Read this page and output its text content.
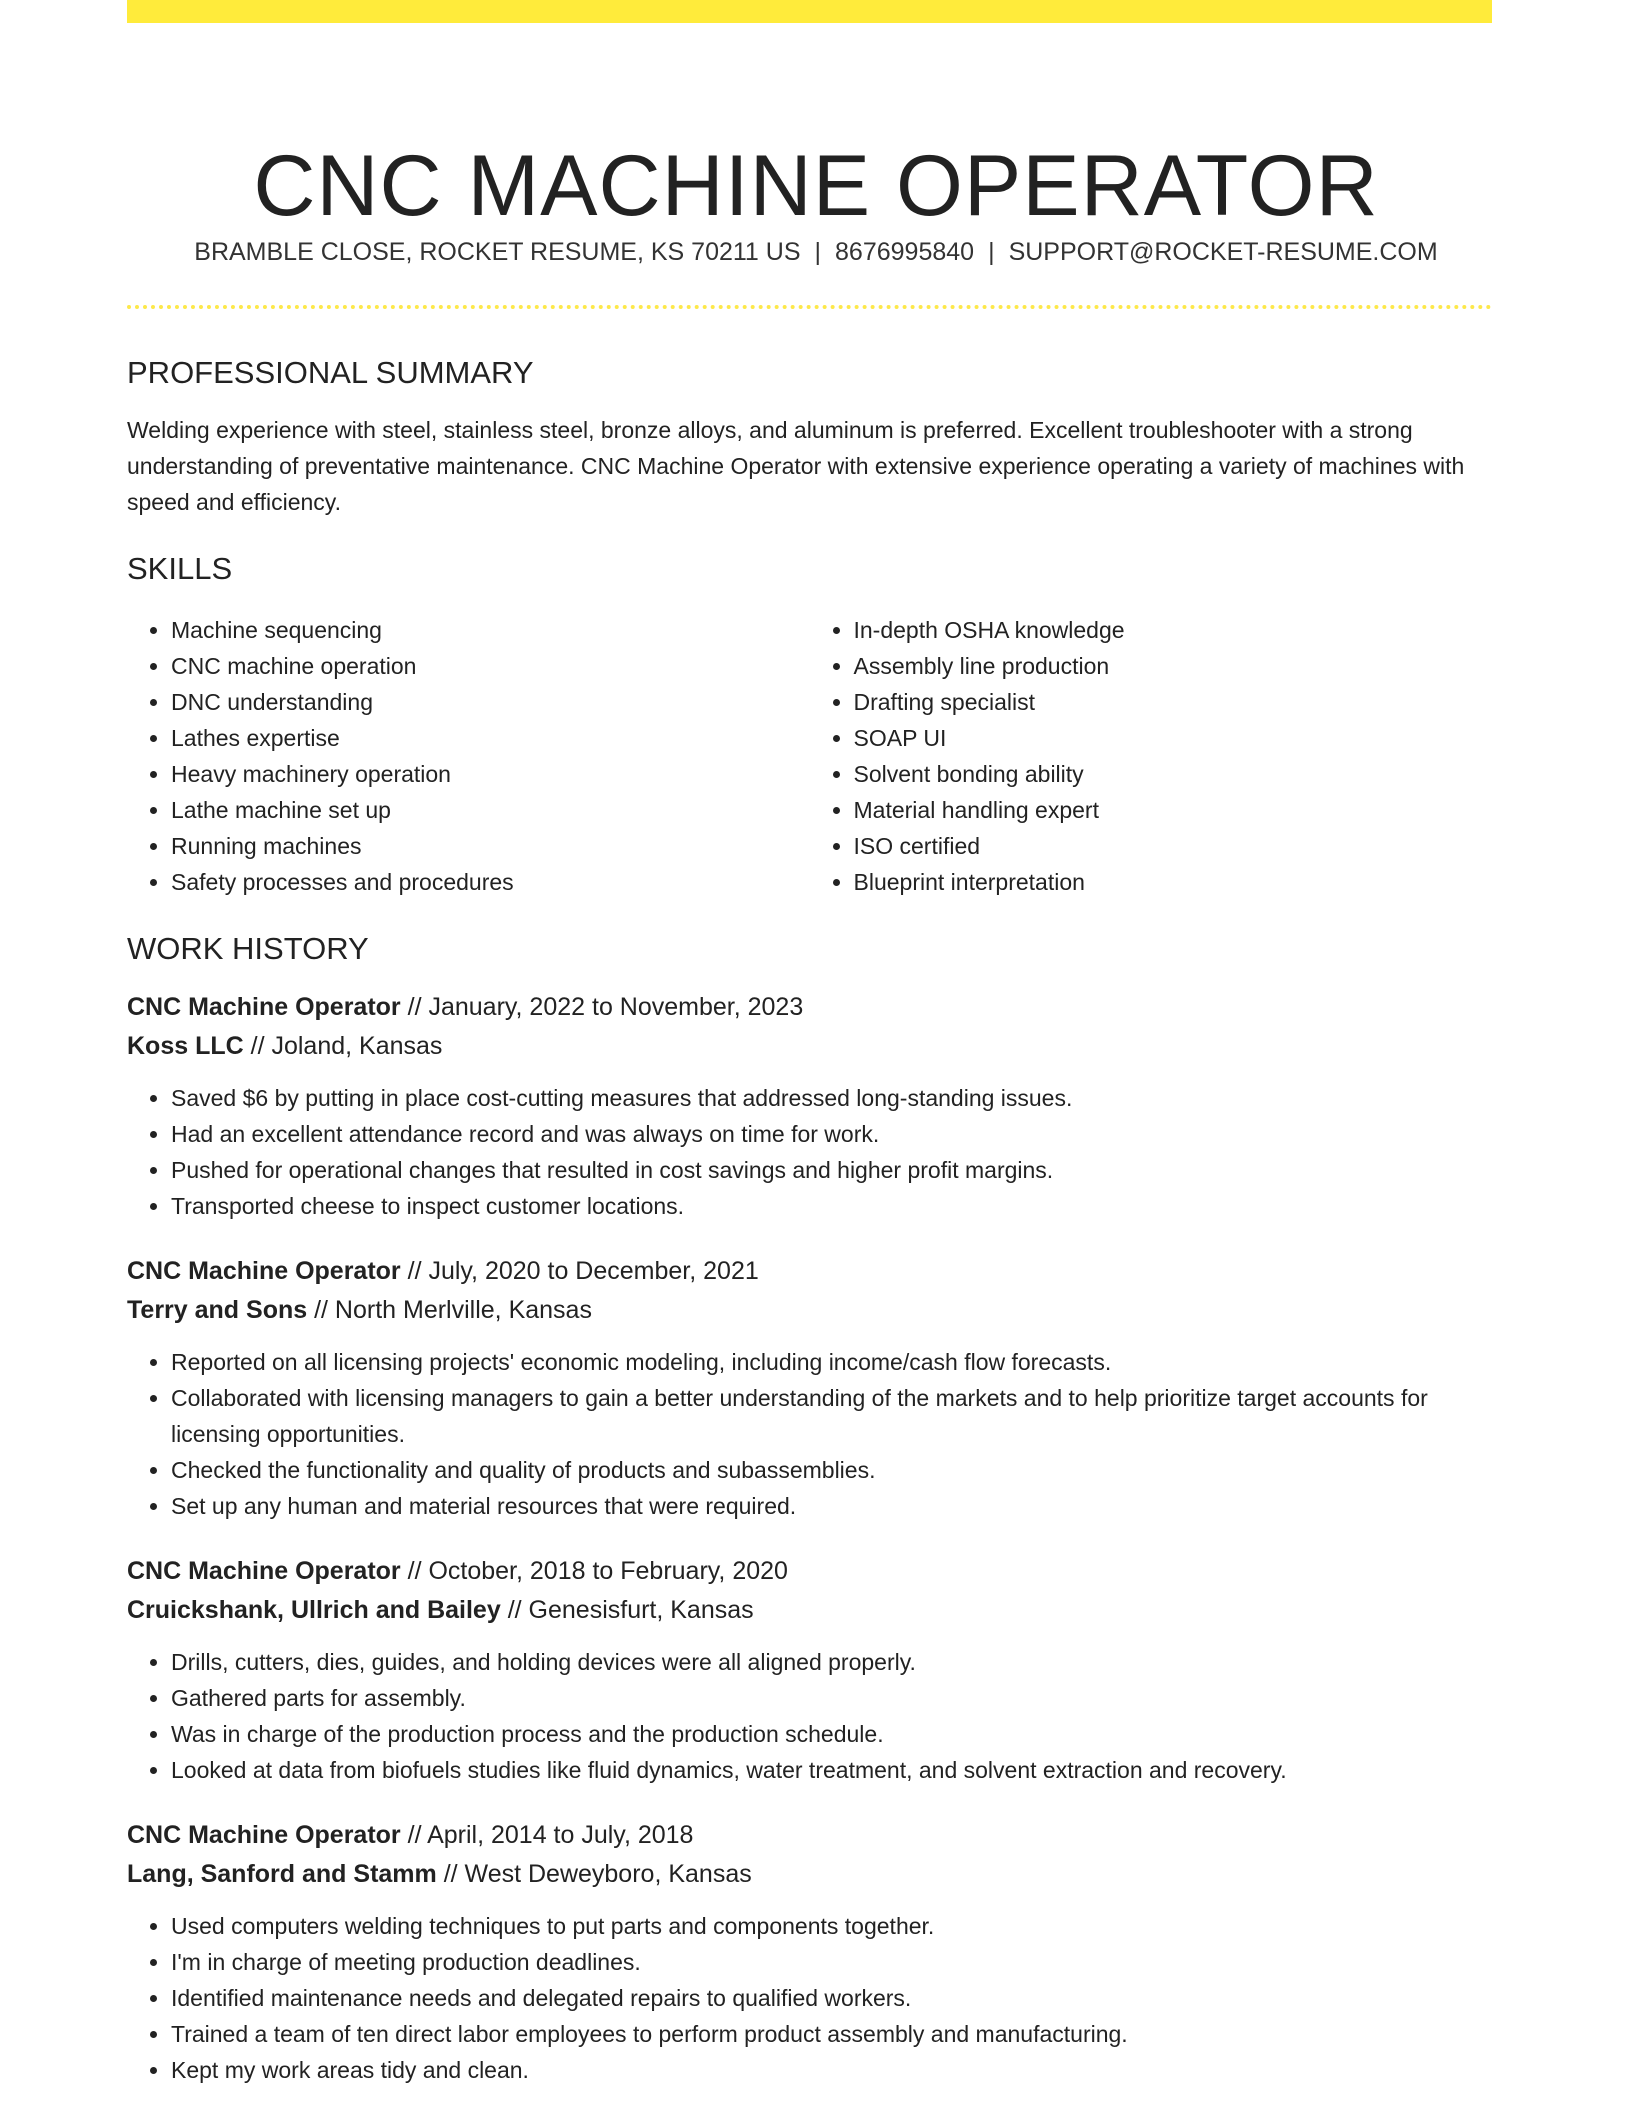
CNC MACHINE OPERATOR
BRAMBLE CLOSE, ROCKET RESUME, KS 70211 US | 8676995840 | SUPPORT@ROCKET-RESUME.COM
PROFESSIONAL SUMMARY

Welding experience with steel, stainless steel, bronze alloys, and aluminum is preferred. Excellent troubleshooter with a strong understanding of preventative maintenance. CNC Machine Operator with extensive experience operating a variety of machines with speed and efficiency.

SKILLS
• Machine sequencing
• CNC machine operation
• DNC understanding
• Lathes expertise
• Heavy machinery operation
• Lathe machine set up
• Running machines
• Safety processes and procedures
• In-depth OSHA knowledge
• Assembly line production
• Drafting specialist
• SOAP UI
• Solvent bonding ability
• Material handling expert
• ISO certified
• Blueprint interpretation
WORK HISTORY
CNC Machine Operator // January, 2022 to November, 2023
Koss LLC // Joland, Kansas
• Saved $6 by putting in place cost-cutting measures that addressed long-standing issues.
• Had an excellent attendance record and was always on time for work.
• Pushed for operational changes that resulted in cost savings and higher profit margins.
• Transported cheese to inspect customer locations.
CNC Machine Operator // July, 2020 to December, 2021
Terry and Sons // North Merlville, Kansas
• Reported on all licensing projects' economic modeling, including income/cash flow forecasts.
• Collaborated with licensing managers to gain a better understanding of the markets and to help prioritize target accounts for licensing opportunities.
• Checked the functionality and quality of products and subassemblies.
• Set up any human and material resources that were required.
CNC Machine Operator // October, 2018 to February, 2020
Cruickshank, Ullrich and Bailey // Genesisfurt, Kansas
• Drills, cutters, dies, guides, and holding devices were all aligned properly.
• Gathered parts for assembly.
• Was in charge of the production process and the production schedule.
• Looked at data from biofuels studies like fluid dynamics, water treatment, and solvent extraction and recovery.
CNC Machine Operator // April, 2014 to July, 2018
Lang, Sanford and Stamm // West Deweyboro, Kansas
• Used computers welding techniques to put parts and components together.
• I'm in charge of meeting production deadlines.
• Identified maintenance needs and delegated repairs to qualified workers.
• Trained a team of ten direct labor employees to perform product assembly and manufacturing.
• Kept my work areas tidy and clean.
